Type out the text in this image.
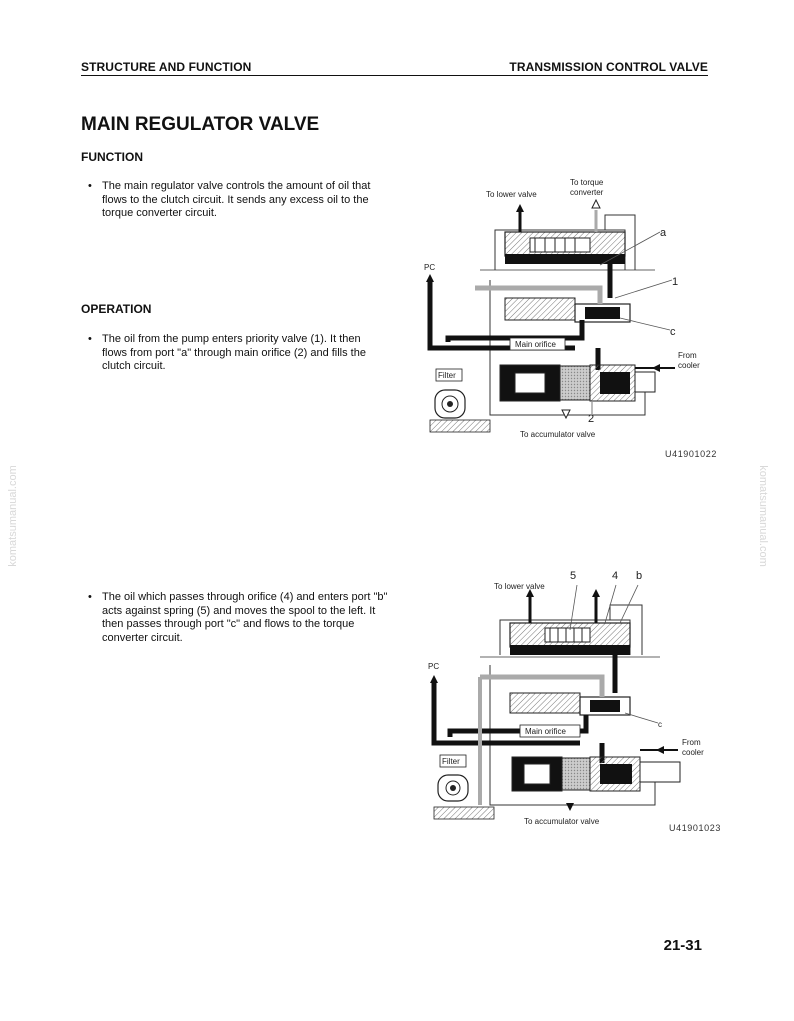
STRUCTURE AND FUNCTION	TRANSMISSION CONTROL VALVE
MAIN REGULATOR VALVE
FUNCTION
• The main regulator valve controls the amount of oil that flows to the clutch circuit. It sends any excess oil to the torque converter circuit.
OPERATION
• The oil from the pump enters priority valve (1). It then flows from port "a" through main orifice (2) and fills the clutch circuit.
• The oil which passes through orifice (4) and enters port "b" acts against spring (5) and moves the spool to the left. It then passes through port "c" and flows to the torque converter circuit.
To lower valve
To torque
converter
a
1
c
PC
Main orifice
From
cooler
Filter
2
To accumulator valve
U41901022
To lower valve
5	4 b
c
PC
Main orifice
From
cooler
Filter
To accumulator valve
U41901023
21-31
komatsumanual.com	komatsumanual.com
